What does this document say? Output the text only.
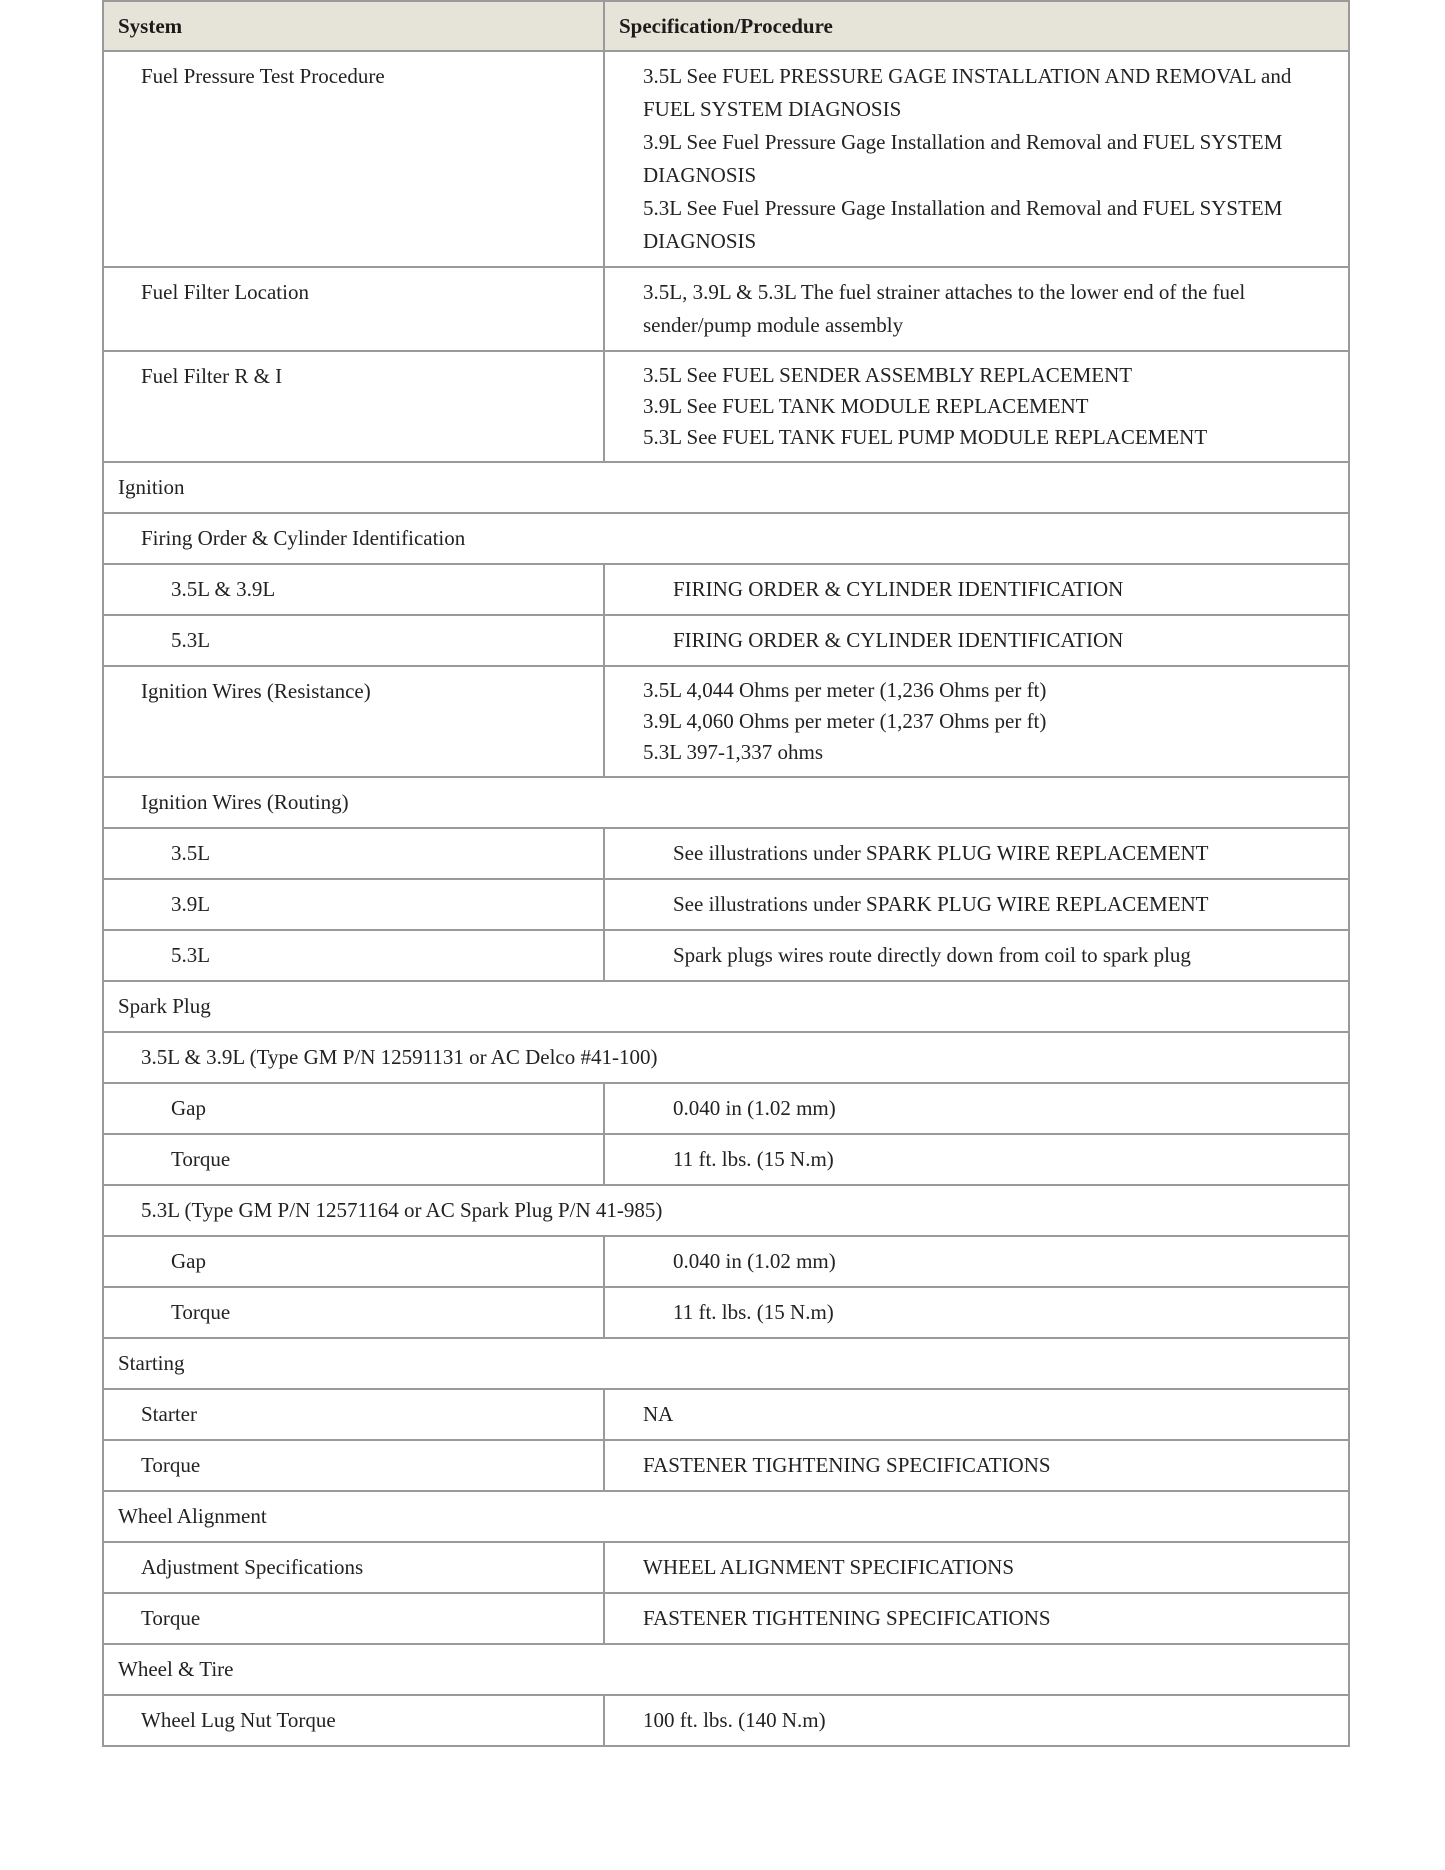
System	Specification/Procedure
Fuel Pressure Test Procedure	3.5L See FUEL PRESSURE GAGE INSTALLATION AND REMOVAL and FUEL SYSTEM DIAGNOSIS
3.9L See Fuel Pressure Gage Installation and Removal and FUEL SYSTEM DIAGNOSIS
5.3L See Fuel Pressure Gage Installation and Removal and FUEL SYSTEM DIAGNOSIS

Fuel Filter Location	3.5L, 3.9L & 5.3L The fuel strainer attaches to the lower end of the fuel sender/pump module assembly

Fuel Filter R & I	3.5L See FUEL SENDER ASSEMBLY REPLACEMENT
3.9L See FUEL TANK MODULE REPLACEMENT
5.3L See FUEL TANK FUEL PUMP MODULE REPLACEMENT

Ignition	
Firing Order & Cylinder Identification	
3.5L & 3.9L	FIRING ORDER & CYLINDER IDENTIFICATION
5.3L	FIRING ORDER & CYLINDER IDENTIFICATION
Ignition Wires (Resistance)	3.5L 4,044 Ohms per meter (1,236 Ohms per ft)
3.9L 4,060 Ohms per meter (1,237 Ohms per ft)
5.3L 397-1,337 ohms

Ignition Wires (Routing)	
3.5L	See illustrations under SPARK PLUG WIRE REPLACEMENT
3.9L	See illustrations under SPARK PLUG WIRE REPLACEMENT
5.3L	Spark plugs wires route directly down from coil to spark plug
Spark Plug	
3.5L & 3.9L (Type GM P/N 12591131 or AC Delco #41-100)	
Gap	0.040 in (1.02 mm)
Torque	11 ft. lbs. (15 N.m)
5.3L (Type GM P/N 12571164 or AC Spark Plug P/N 41-985)	
Gap	0.040 in (1.02 mm)
Torque	11 ft. lbs. (15 N.m)
Starting	
Starter	NA
Torque	FASTENER TIGHTENING SPECIFICATIONS
Wheel Alignment	
Adjustment Specifications	WHEEL ALIGNMENT SPECIFICATIONS
Torque	FASTENER TIGHTENING SPECIFICATIONS
Wheel & Tire	
Wheel Lug Nut Torque	100 ft. lbs. (140 N.m)
